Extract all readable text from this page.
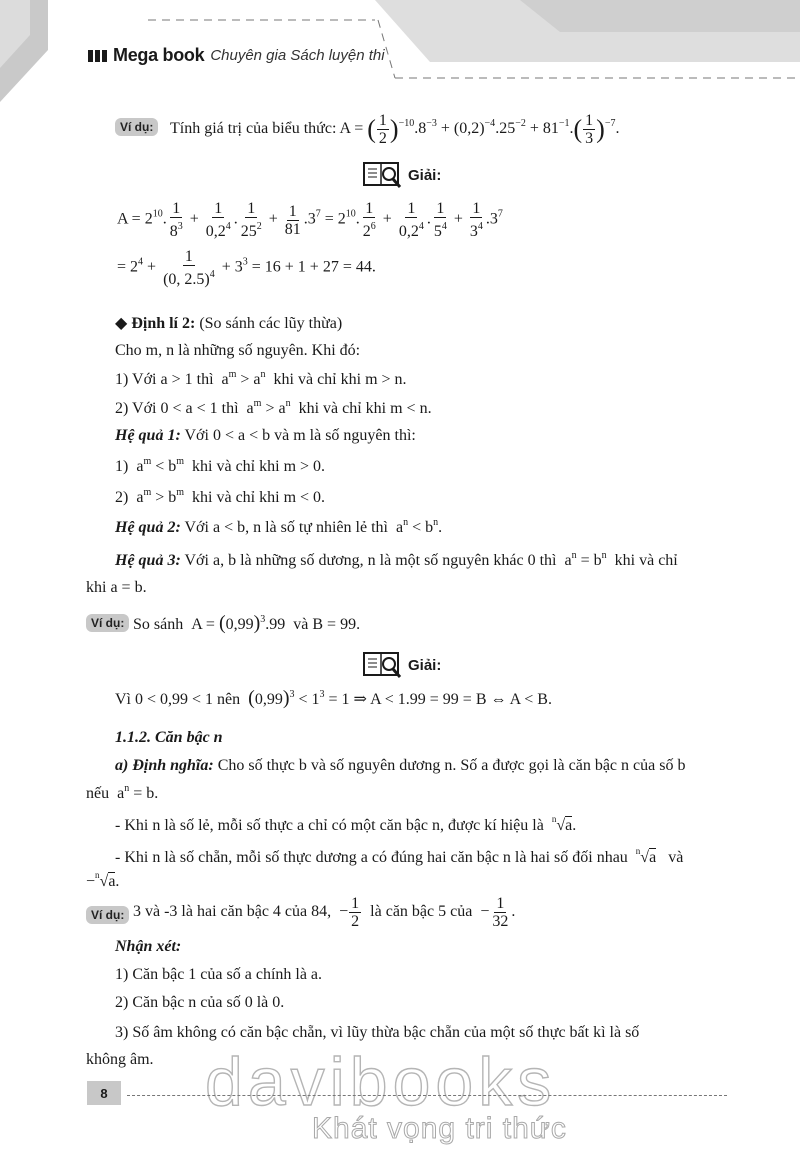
Mega book Chuyên gia Sách luyện thi
Ví dụ:	Tính giá trị của biểu thức: A = ( $\frac{1}{2} )^{-10}.8^{-3} + (0,2)^{-4}.25^{-2} + 81^{-1}.( \frac{1}{3} )^{-7}$.
Giải:
$A = 2^{10}$. $\frac{1}{8^3} + \frac{1}{0,2^4}$ . $\frac{1}{25^2} + \frac{1}{81} .3^7 = 2^{10}$. $\frac{1}{2^6} + \frac{1}{0,2^4}$ . $\frac{1}{5^4} + \frac{1}{3^4} .3^7$
= $2^4 + \frac{1}{(0, 2.5)^4} + 3^3 = 16 + 1 + 27 = 44$.
◆ Định lí 2: (So sánh các lũy thừa)
Cho m, n là những số nguyên. Khi đó:
1) Với a > 1 thì  $a^m > a^n$ khi và chỉ khi m > n.
2) Với 0 < a < 1 thì  $a^m > a^n$ khi và chỉ khi m < n.
Hệ quả 1: Với 0 < a < b và m là số nguyên thì:
1)  $a^m < b^m$ khi và chỉ khi m > 0.
2)  $a^m > b^m$ khi và chỉ khi m < 0.
Hệ quả 2: Với a < b, n là số tự nhiên lẻ thì  $a^n < b^n$.
Hệ quả 3: Với a, b là những số dương, n là một số nguyên khác 0 thì  $a^n = b^n$ khi và chỉ
khi a = b.
Ví dụ: So sánh  $A = (0,99)^3.99$  và B = 99.
Giải:
Vì 0 < 0,99 < 1 nên $(0,99)^3 < 1^3 = 1$ ⇒ A < 1.99 = 99 = B ⇔ A < B.
1.1.2. Căn bậc n
a) Định nghĩa: Cho số thực b và số nguyên dương n. Số a được gọi là căn bậc n của số b
nếu  $a^n = b$.
- Khi n là số lẻ, mỗi số thực a chỉ có một căn bậc n, được kí hiệu là $^n$√a.
- Khi n là số chẵn, mỗi số thực dương a có đúng hai căn bậc n là hai số đối nhau $^n$√a và
−$^n$√a.
Ví dụ: 3 và -3 là hai căn bậc 4 của 84,  − $\frac{1}{2}$ là căn bậc 5 của  − $\frac{1}{32}$ .
Nhận xét:
1) Căn bậc 1 của số a chính là a.
2) Căn bậc n của số 0 là 0.
3) Số âm không có căn bậc chẵn, vì lũy thừa bậc chẵn của một số thực bất kì là số
không âm. davibooks
8
Khát vọng tri thức
